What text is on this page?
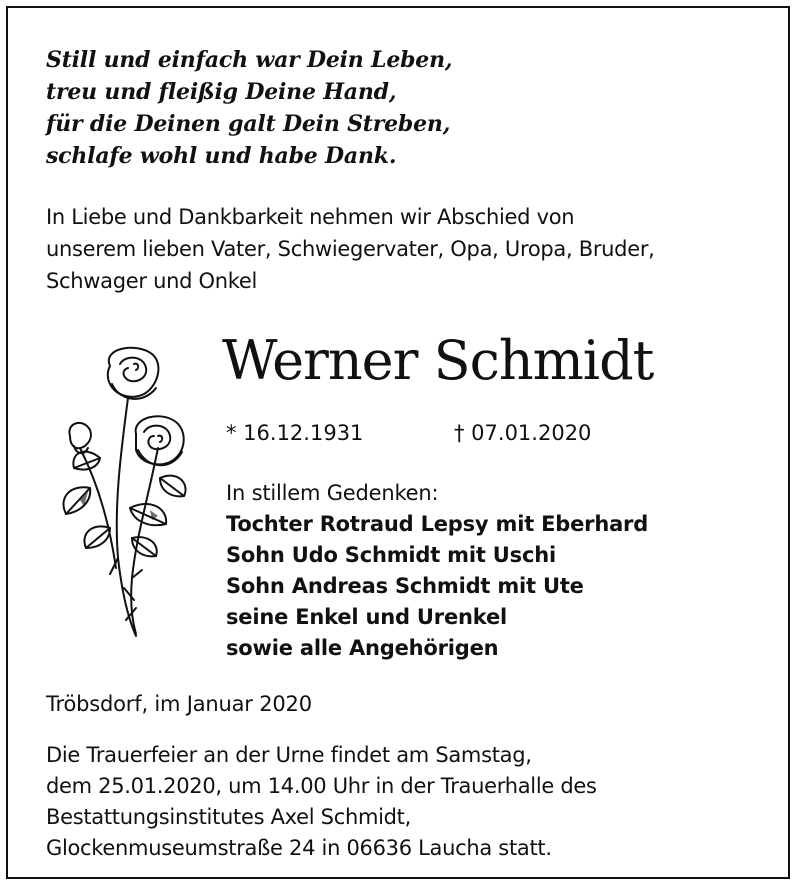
Still und einfach war Dein Leben,
treu und fleißig Deine Hand,
für die Deinen galt Dein Streben,
schlafe wohl und habe Dank.
In Liebe und Dankbarkeit nehmen wir Abschied von
unserem lieben Vater, Schwiegervater, Opa, Uropa, Bruder,
Schwager und Onkel
Werner Schmidt
* 16.12.1931	† 07.01.2020
In stillem Gedenken:
Tochter Rotraud Lepsy mit Eberhard
Sohn Udo Schmidt mit Uschi
Sohn Andreas Schmidt mit Ute
seine Enkel und Urenkel
sowie alle Angehörigen
Tröbsdorf, im Januar 2020
Die Trauerfeier an der Urne findet am Samstag,
dem 25.01.2020, um 14.00 Uhr in der Trauerhalle des
Bestattungsinstitutes Axel Schmidt,
Glockenmuseumstraße 24 in 06636 Laucha statt.
